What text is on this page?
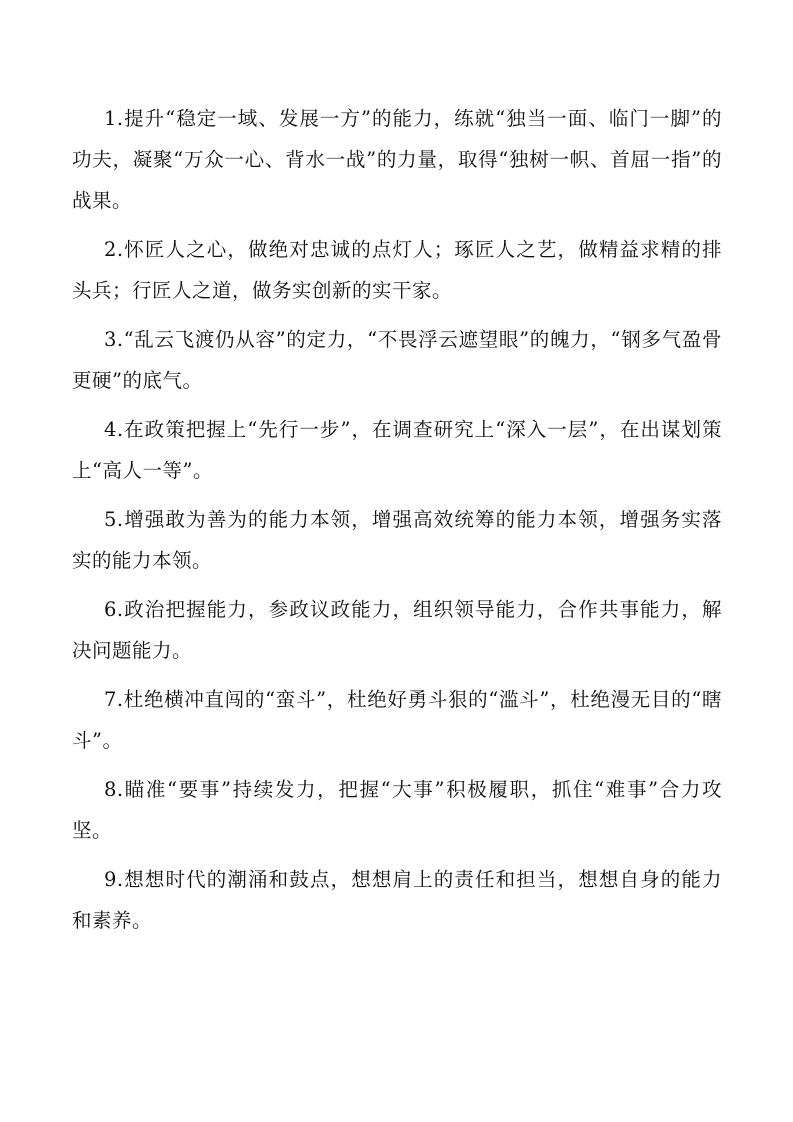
1.提升“稳定一域、发展一方”的能力，练就“独当一面、临门一脚”的功夫，凝聚“万众一心、背水一战”的力量，取得“独树一帜、首屈一指”的战果。

2.怀匠人之心，做绝对忠诚的点灯人；琢匠人之艺，做精益求精的排头兵；行匠人之道，做务实创新的实干家。

3.“乱云飞渡仍从容”的定力，“不畏浮云遮望眼”的魄力，“钢多气盈骨更硬”的底气。

4.在政策把握上“先行一步”，在调查研究上“深入一层”，在出谋划策上“高人一等”。

5.增强敢为善为的能力本领，增强高效统筹的能力本领，增强务实落实的能力本领。

6.政治把握能力，参政议政能力，组织领导能力，合作共事能力，解决问题能力。

7.杜绝横冲直闯的“蛮斗”，杜绝好勇斗狠的“滥斗”，杜绝漫无目的“瞎斗”。

8.瞄准“要事”持续发力，把握“大事”积极履职，抓住“难事”合力攻坚。

9.想想时代的潮涌和鼓点，想想肩上的责任和担当，想想自身的能力和素养。
